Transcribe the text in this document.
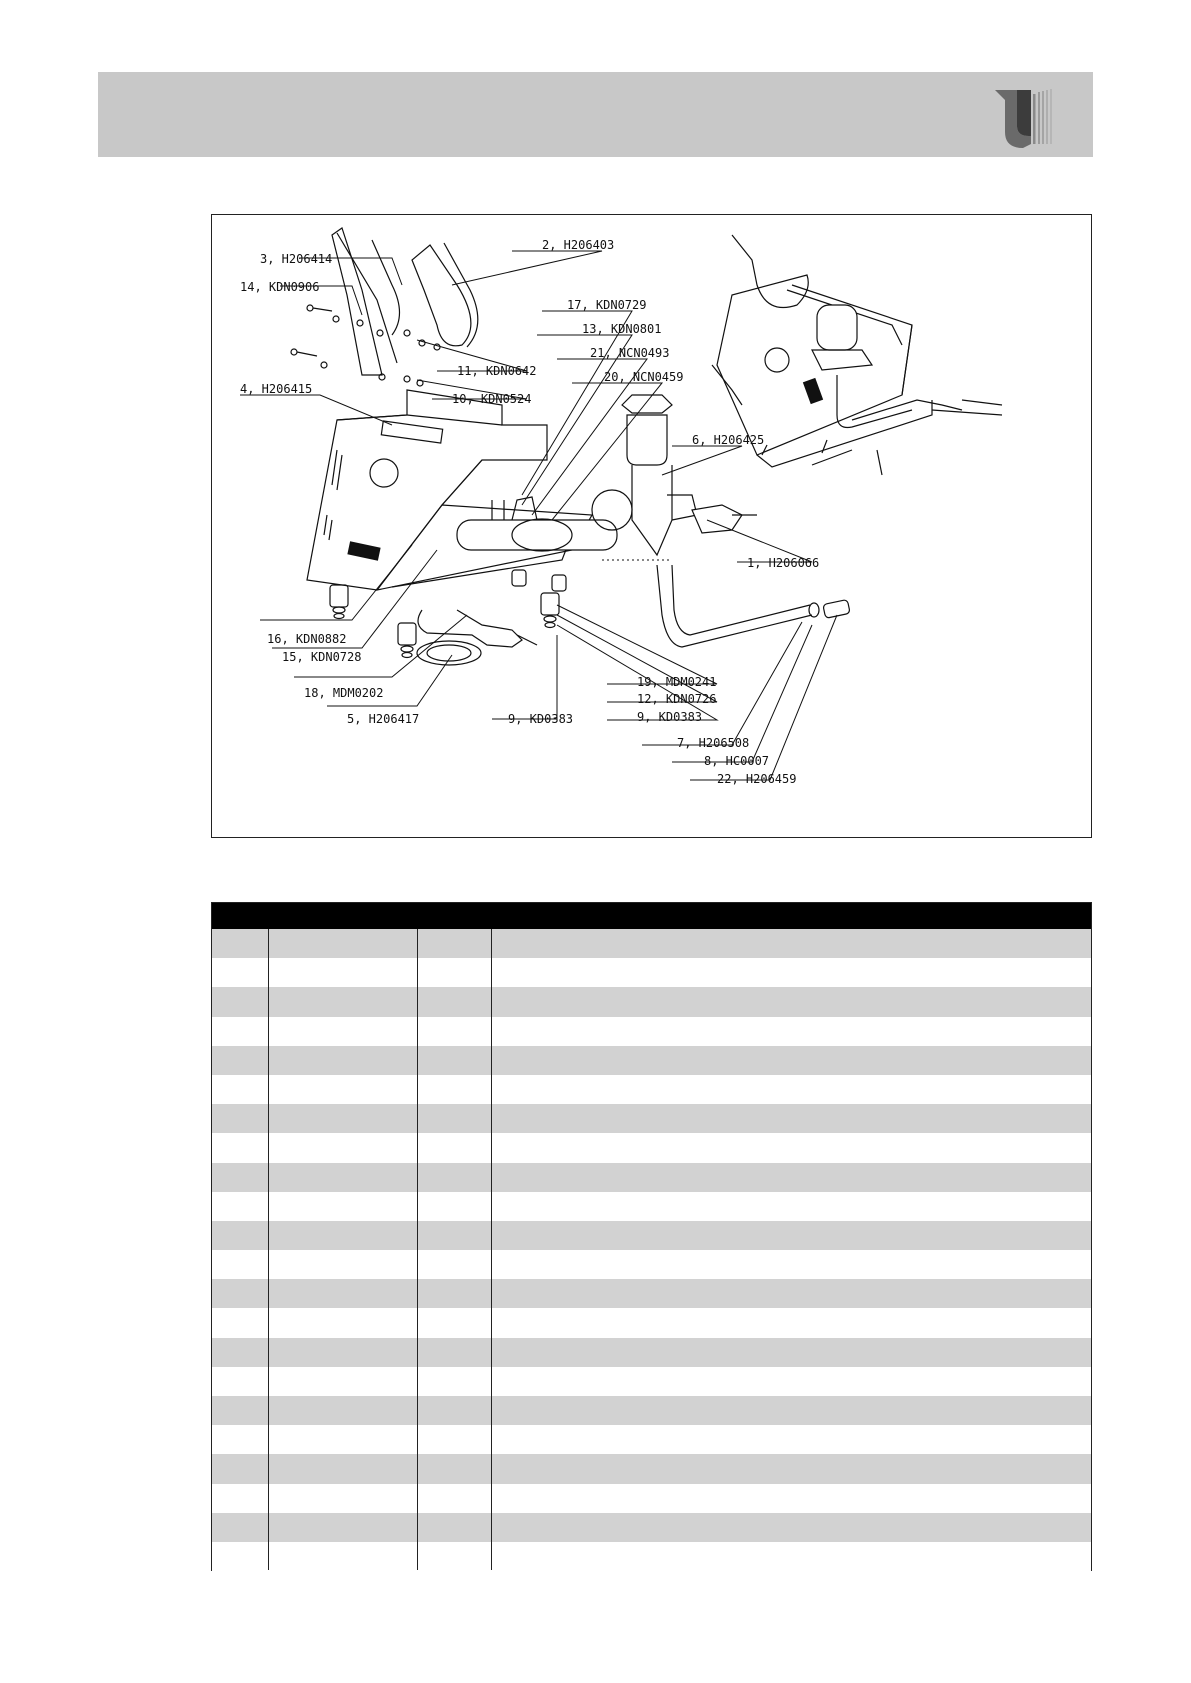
3, H206414
14, KDN0906
2, H206403
17, KDN0729
13, KDN0801
21, NCN0493
11, KDN0642	20, NCN0459
10, KDN0524
4, H206415
6, H206425
1, H206066
16, KDN0882
15, KDN0728
18, MDM0202
5, H206417	9, KD0383
19, MDM0241
12, KDN0726
9, KD0383
7, H206508
8, HC0007
22, H206459
